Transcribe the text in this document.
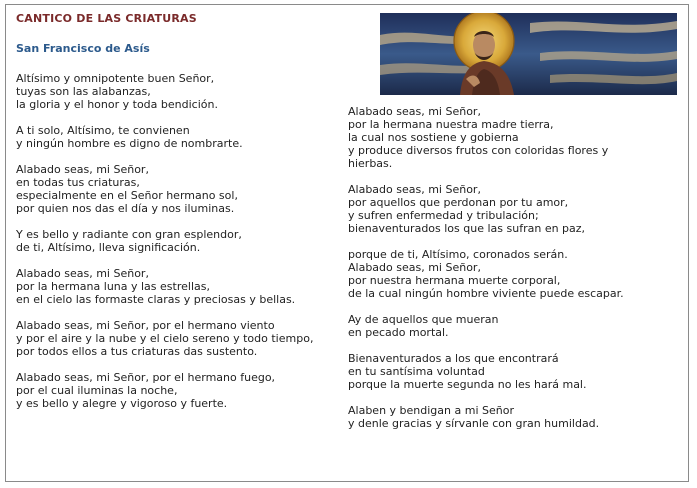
CANTICO DE LAS CRIATURAS
San Francisco de Asís
Altísimo y omnipotente buen Señor,
tuyas son las alabanzas,
la gloria y el honor y toda bendición.
A ti solo, Altísimo, te convienen
y ningún hombre es digno de nombrarte.
Alabado seas, mi Señor,
en todas tus criaturas,
especialmente en el Señor hermano sol,
por quien nos das el día y nos iluminas.
Y es bello y radiante con gran esplendor,
de ti, Altísimo, lleva significación.
Alabado seas, mi Señor,
por la hermana luna y las estrellas,
en el cielo las formaste claras y preciosas y bellas.
Alabado seas, mi Señor, por el hermano viento
y por el aire y la nube y el cielo sereno y todo tiempo,
por todos ellos a tus criaturas das sustento.
Alabado seas, mi Señor, por el hermano fuego,
por el cual iluminas la noche,
y es bello y alegre y vigoroso y fuerte.
Alabado seas, mi Señor,
por la hermana nuestra madre tierra,
la cual nos sostiene y gobierna
y produce diversos frutos con coloridas flores y
hierbas.
Alabado seas, mi Señor,
por aquellos que perdonan por tu amor,
y sufren enfermedad y tribulación;
bienaventurados los que las sufran en paz,
porque de ti, Altísimo, coronados serán.
Alabado seas, mi Señor,
por nuestra hermana muerte corporal,
de la cual ningún hombre viviente puede escapar.
Ay de aquellos que mueran
en pecado mortal.
Bienaventurados a los que encontrará
en tu santísima voluntad
porque la muerte segunda no les hará mal.
Alaben y bendigan a mi Señor
y denle gracias y sírvanle con gran humildad.
